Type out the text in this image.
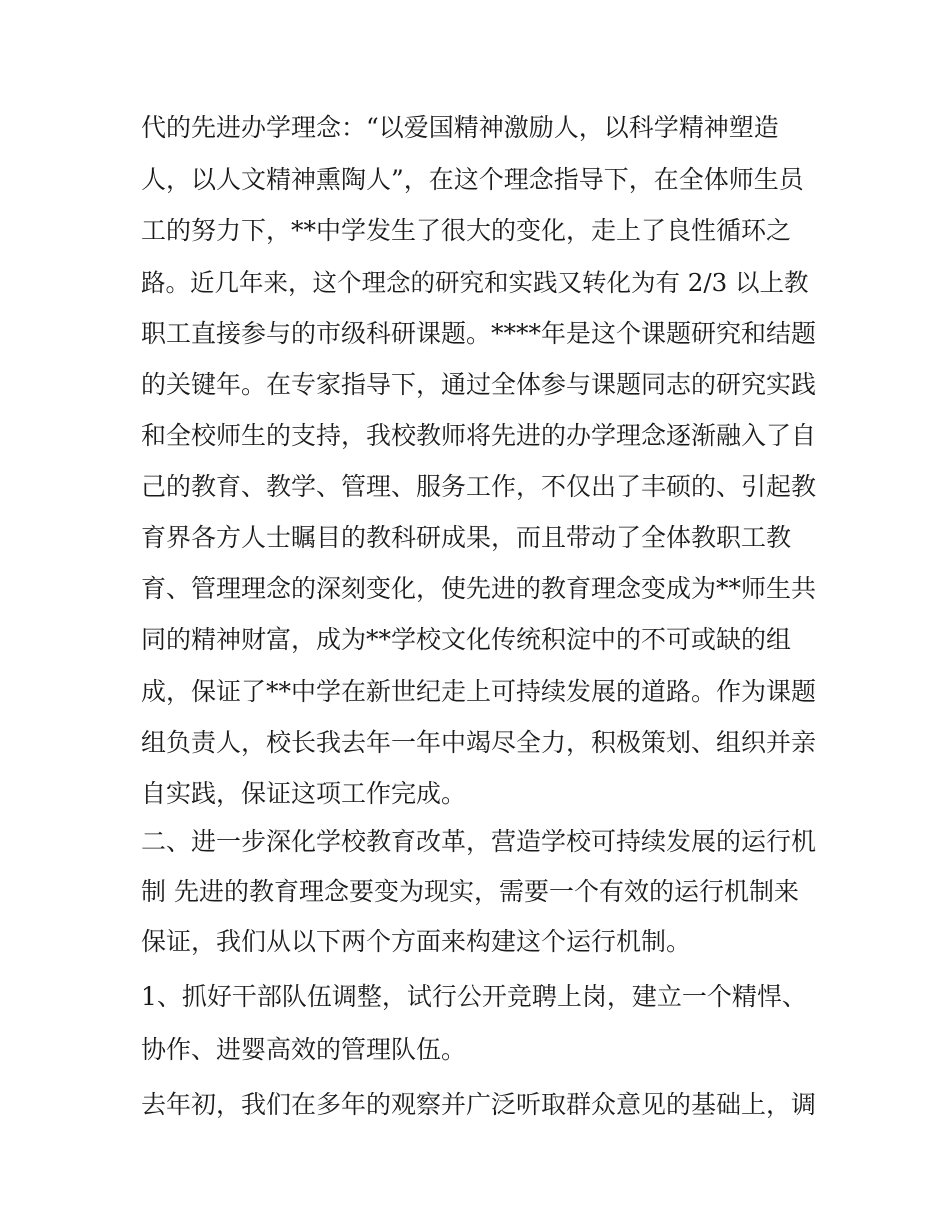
代的先进办学理念：“以爱国精神激励人，以科学精神塑造
人，以人文精神熏陶人”，在这个理念指导下，在全体师生员
工的努力下，**中学发生了很大的变化，走上了良性循环之
路。近几年来，这个理念的研究和实践又转化为有 2/3 以上教
职工直接参与的市级科研课题。****年是这个课题研究和结题
的关键年。在专家指导下，通过全体参与课题同志的研究实践
和全校师生的支持，我校教师将先进的办学理念逐渐融入了自
己的教育、教学、管理、服务工作，不仅出了丰硕的、引起教
育界各方人士瞩目的教科研成果，而且带动了全体教职工教
育、管理理念的深刻变化，使先进的教育理念变成为**师生共
同的精神财富，成为**学校文化传统积淀中的不可或缺的组
成，保证了**中学在新世纪走上可持续发展的道路。作为课题
组负责人，校长我去年一年中竭尽全力，积极策划、组织并亲
自实践，保证这项工作完成。
二、进一步深化学校教育改革，营造学校可持续发展的运行机
制 先进的教育理念要变为现实，需要一个有效的运行机制来
保证，我们从以下两个方面来构建这个运行机制。
1、抓好干部队伍调整，试行公开竞聘上岗，建立一个精悍、
协作、进婴高效的管理队伍。
去年初，我们在多年的观察并广泛听取群众意见的基础上，调
